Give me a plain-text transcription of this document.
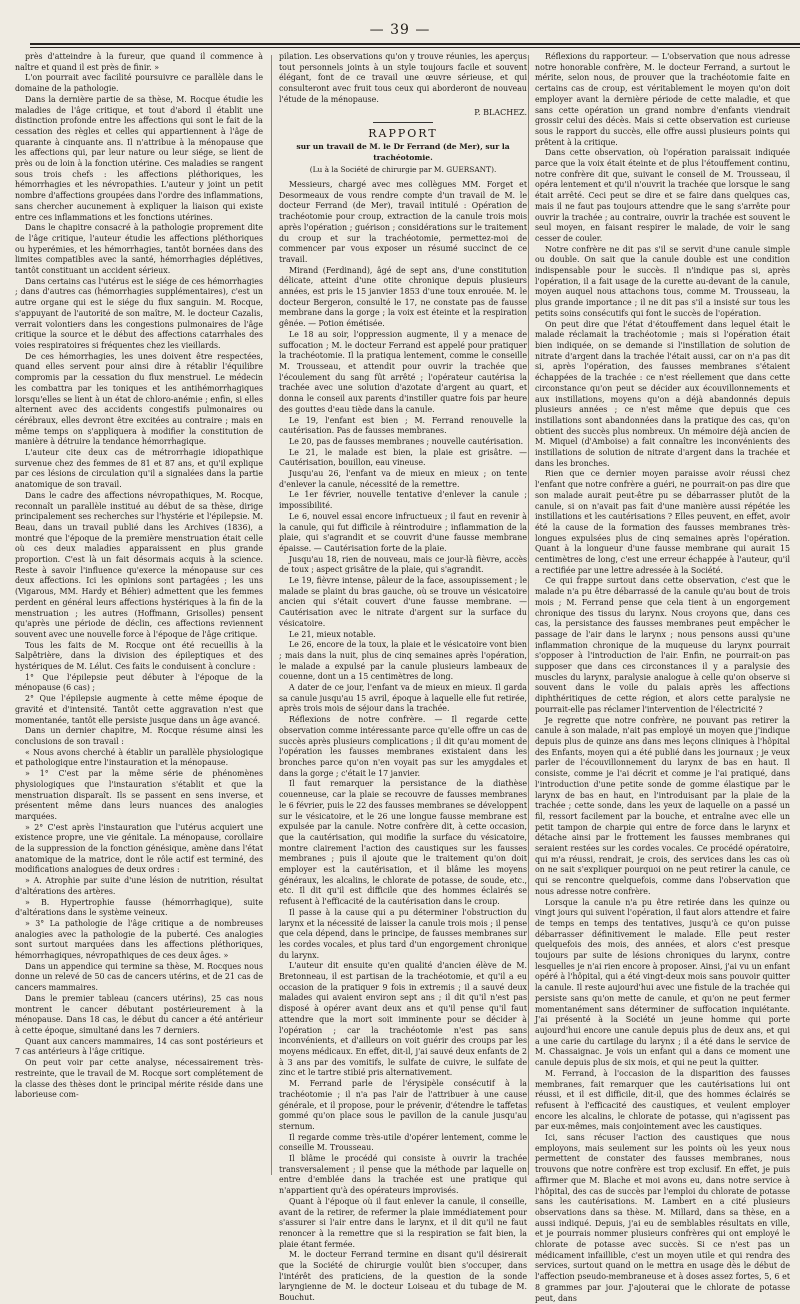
— 39 —

près d'atteindre à la fureur, que quand il commence à naître et quand il est près de finir. »

L'on pourrait avec facilité poursuivre ce parallèle dans le domaine de la pathologie.

Dans la dernière partie de sa thèse, M. Rocque étudie les maladies de l'âge critique, et tout d'abord il établit une distinction profonde entre les affections qui sont le fait de la cessation des règles et celles qui appartiennent à l'âge de quarante à cinquante ans. Il n'attribue à la ménopause que les affections qui, par leur nature ou leur siége, se lient de près ou de loin à la fonction utérine. Ces maladies se rangent sous trois chefs : les affections pléthoriques, les hémorrhagies et les névropathies. L'auteur y joint un petit nombre d'affections groupées dans l'ordre des inflammations, sans chercher aucunement à expliquer la liaison qui existe entre ces inflammations et les fonctions utérines.

Dans le chapitre consacré à la pathologie proprement dite de l'âge critique, l'auteur étudie les affections pléthoriques ou hyperémies, et les hémorrhagies, tantôt bornées dans des limites compatibles avec la santé, hémorrhagies déplétives, tantôt constituant un accident sérieux.

Dans certains cas l'utérus est le siége de ces hémorrhagies ; dans d'autres cas (hémorrhagies supplémentaires), c'est un autre organe qui est le siége du flux sanguin. M. Rocque, s'appuyant de l'autorité de son maître, M. le docteur Cazalis, verrait volontiers dans les congestions pulmonaires de l'âge critique la source et le début des affections catarrhales des voies respiratoires si fréquentes chez les vieillards.

De ces hémorrhagies, les unes doivent être respectées, quand elles servent pour ainsi dire à rétablir l'équilibre compromis par la cessation du flux menstruel. Le médecin les combattra par les toniques et les antihémorrhagiques lorsqu'elles se lient à un état de chloro-anémie ; enfin, si elles alternent avec des accidents congestifs pulmonaires ou cérébraux, elles devront être excitées au contraire ; mais en même temps on s'appliquera à modifier la constitution de manière à détruire la tendance hémorrhagique.

L'auteur cite deux cas de métrorrhagie idiopathique survenue chez des femmes de 81 et 87 ans, et qu'il explique par ces lésions de circulation qu'il a signalées dans la partie anatomique de son travail.

Dans le cadre des affections névropathiques, M. Rocque, reconnaît un parallèle institué au début de sa thèse, dirige principalement ses recherches sur l'hystérie et l'épilepsie. M. Beau, dans un travail publié dans les Archives (1836), a montré que l'époque de la première menstruation était celle où ces deux maladies apparaissent en plus grande proportion. C'est là un fait désormais acquis à la science. Reste à savoir l'influence qu'exerce la ménopause sur ces deux affections. Ici les opinions sont partagées ; les uns (Vigarous, MM. Hardy et Béhier) admettent que les femmes perdent en général leurs affections hystériques à la fin de la menstruation ; les autres (Hoffmann, Grisolles) pensent qu'après une période de déclin, ces affections reviennent souvent avec une nouvelle force à l'époque de l'âge critique.

Tous les faits de M. Rocque ont été recueillis à la Salpêtrière, dans la division des épileptiques et des hystériques de M. Lélut. Ces faits le conduisent à conclure :

1° Que l'épilepsie peut débuter à l'époque de la ménopause (6 cas) ;

2° Que l'épilepsie augmente à cette même époque de gravité et d'intensité. Tantôt cette aggravation n'est que momentanée, tantôt elle persiste jusque dans un âge avancé.

Dans un dernier chapitre, M. Rocque résume ainsi les conclusions de son travail :

« Nous avons cherché à établir un parallèle physiologique et pathologique entre l'instauration et la ménopause.

» 1° C'est par la même série de phénomènes physiologiques que l'instauration s'établit et que la menstruation disparaît. Ils se passent en sens inverse, et présentent même dans leurs nuances des analogies marquées.

» 2° C'est après l'instauration que l'utérus acquiert une existence propre, une vie génitale. La ménopause, corollaire de la suppression de la fonction génésique, amène dans l'état anatomique de la matrice, dont le rôle actif est terminé, des modifications analogues de deux ordres :

» A. Atrophie par suite d'une lésion de nutrition, résultat d'altérations des artères.

» B. Hypertrophie fausse (hémorrhagique), suite d'altérations dans le système veineux.

» 3° La pathologie de l'âge critique a de nombreuses analogies avec la pathologie de la puberté. Ces analogies sont surtout marquées dans les affections pléthoriques, hémorrhagiques, névropathiques de ces deux âges. »

Dans un appendice qui termine sa thèse, M. Rocques nous donne un relevé de 50 cas de cancers utérins, et de 21 cas de cancers mammaires.

Dans le premier tableau (cancers utérins), 25 cas nous montrent le cancer débutant postérieurement à la ménopause. Dans 18 cas, le début du cancer a été antérieur à cette époque, simultané dans les 7 derniers.

Quant aux cancers mammaires, 14 cas sont postérieurs et 7 cas antérieurs à l'âge critique.

On peut voir par cette analyse, nécessairement très-restreinte, que le travail de M. Rocque sort complétement de la classe des thèses dont le principal mérite réside dans une laborieuse com-

pilation. Les observations qu'on y trouve réunies, les aperçus tout personnels joints à un style toujours facile et souvent élégant, font de ce travail une œuvre sérieuse, et qui consulteront avec fruit tous ceux qui aborderont de nouveau l'étude de la ménopause.

P. BLACHEZ.
RAPPORT
sur un travail de M. le Dr Ferrand (de Mer), sur la trachéotomie.
(Lu à la Société de chirurgie par M. GUERSANT).

Messieurs, chargé avec mes collègues MM. Forget et Desormeaux de vous rendre compte d'un travail de M. le docteur Ferrand (de Mer), travail intitulé : Opération de trachéotomie pour croup, extraction de la canule trois mois après l'opération ; guérison ; considérations sur le traitement du croup et sur la trachéotomie, permettez-moi de commencer par vous exposer un résumé succinct de ce travail.

Mirand (Ferdinand), âgé de sept ans, d'une constitution délicate, atteint d'une otite chronique depuis plusieurs années, est pris le 15 janvier 1853 d'une toux enrouée. M. le docteur Bergeron, consulté le 17, ne constate pas de fausse membrane dans la gorge ; la voix est éteinte et la respiration gênée. — Potion émétisée.

Le 18 au soir, l'oppression augmente, il y a menace de suffocation ; M. le docteur Ferrand est appelé pour pratiquer la trachéotomie. Il la pratiqua lentement, comme le conseille M. Trousseau, et attendit pour ouvrir la trachée que l'écoulement du sang fût arrêté ; l'opérateur cautérisa la trachée avec une solution d'azotate d'argent au quart, et donna le conseil aux parents d'instiller quatre fois par heure des gouttes d'eau tiède dans la canule.

Le 19, l'enfant est bien ; M. Ferrand renouvelle la cautérisation. Pas de fausses membranes.

Le 20, pas de fausses membranes ; nouvelle cautérisation.

Le 21, le malade est bien, la plaie est grisâtre. — Cautérisation, bouillon, eau vineuse.

Jusqu'au 26, l'enfant va de mieux en mieux ; on tente d'enlever la canule, nécessité de la remettre.

Le 1er février, nouvelle tentative d'enlever la canule ; impossibilité.

Le 6, nouvel essai encore infructueux ; il faut en revenir à la canule, qui fut difficile à réintroduire ; inflammation de la plaie, qui s'agrandit et se couvrit d'une fausse membrane épaisse. — Cautérisation forte de la plaie.

Jusqu'au 18, rien de nouveau, mais ce jour-là fièvre, accès de toux ; aspect grisâtre de la plaie, qui s'agrandit.

Le 19, fièvre intense, pâleur de la face, assoupissement ; le malade se plaint du bras gauche, où se trouve un vésicatoire ancien qui s'était couvert d'une fausse membrane. — Cautérisation avec le nitrate d'argent sur la surface du vésicatoire.

Le 21, mieux notable.

Le 26, encore de la toux, la plaie et le vésicatoire vont bien ; mais dans la nuit, plus de cinq semaines après l'opération, le malade a expulsé par la canule plusieurs lambeaux de couenne, dont un a 15 centimètres de long.

A dater de ce jour, l'enfant va de mieux en mieux. Il garda sa canule jusqu'au 15 avril, époque à laquelle elle fut retirée, après trois mois de séjour dans la trachée.

Réflexions de notre confrère. — Il regarde cette observation comme intéressante parce qu'elle offre un cas de succès après plusieurs complications ; il dit qu'au moment de l'opération les fausses membranes existaient dans les bronches parce qu'on n'en voyait pas sur les amygdales et dans la gorge ; c'était le 17 janvier.

Il faut remarquer la persistance de la diathèse couenneuse, car la plaie se recouvre de fausses membranes le 6 février, puis le 22 des fausses membranes se développent sur le vésicatoire, et le 26 une longue fausse membrane est expulsée par la canule. Notre confrère dit, à cette occasion, que la cautérisation, qui modifie la surface du vésicatoire, montre clairement l'action des caustiques sur les fausses membranes ; puis il ajoute que le traitement qu'on doit employer est la cautérisation, et il blâme les moyens généraux, les alcalins, le chlorate de potasse, de soude, etc., etc. Il dit qu'il est difficile que des hommes éclairés se refusent à l'efficacité de la cautérisation dans le croup.

Il passe à la cause qui a pu déterminer l'obstruction du larynx et la nécessité de laisser la canule trois mois ; il pense que cela dépend, dans le principe, de fausses membranes sur les cordes vocales, et plus tard d'un engorgement chronique du larynx.

L'auteur dit ensuite qu'en qualité d'ancien élève de M. Bretonneau, il est partisan de la trachéotomie, et qu'il a eu occasion de la pratiquer 9 fois in extremis ; il a sauvé deux malades qui avaient environ sept ans ; il dit qu'il n'est pas disposé à opérer avant deux ans et qu'il pense qu'il faut attendre que la mort soit imminente pour se décider à l'opération ; car la trachéotomie n'est pas sans inconvénients, et d'ailleurs on voit guérir des croups par les moyens médicaux. En effet, dit-il, j'ai sauvé deux enfants de 2 à 3 ans par des vomitifs, le sulfate de cuivre, le sulfate de zinc et le tartre stibié pris alternativement.

M. Ferrand parle de l'érysipèle consécutif à la trachéotomie ; il n'a pas l'air de l'attribuer à une cause générale, et il propose, pour le prévenir, d'étendre le taffetas gommé qu'on place sous le pavillon de la canule jusqu'au sternum.

Il regarde comme très-utile d'opérer lentement, comme le conseille M. Trousseau.

Il blâme le procédé qui consiste à ouvrir la trachée transversalement ; il pense que la méthode par laquelle on entre d'emblée dans la trachée est une pratique qui n'appartient qu'à des opérateurs improvisés.

Quant à l'époque où il faut enlever la canule, il conseille, avant de la retirer, de refermer la plaie immédiatement pour s'assurer si l'air entre dans le larynx, et il dit qu'il ne faut renoncer à la remettre que si la respiration se fait bien, la plaie étant fermée.

M. le docteur Ferrand termine en disant qu'il désirerait que la Société de chirurgie voulût bien s'occuper, dans l'intérêt des praticiens, de la question de la sonde laryngienne de M. le docteur Loiseau et du tubage de M. Bouchut.

Réflexions du rapporteur. — L'observation que nous adresse notre honorable confrère, M. le docteur Ferrand, a surtout le mérite, selon nous, de prouver que la trachéotomie faite en certains cas de croup, est véritablement le moyen qu'on doit employer avant la dernière période de cette maladie, et que sans cette opération un grand nombre d'enfants viendrait grossir celui des décès. Mais si cette observation est curieuse sous le rapport du succès, elle offre aussi plusieurs points qui prêtent à la critique.

Dans cette observation, où l'opération paraissait indiquée parce que la voix était éteinte et de plus l'étouffement continu, notre confrère dit que, suivant le conseil de M. Trousseau, il opéra lentement et qu'il n'ouvrit la trachée que lorsque le sang était arrêté. Ceci peut se dire et se faire dans quelques cas, mais il ne faut pas toujours attendre que le sang s'arrête pour ouvrir la trachée ; au contraire, ouvrir la trachée est souvent le seul moyen, en faisant respirer le malade, de voir le sang cesser de couler.

Notre confrère ne dit pas s'il se servit d'une canule simple ou double. On sait que la canule double est une condition indispensable pour le succès. Il n'indique pas si, après l'opération, il a fait usage de la curette au-devant de la canule, moyen auquel nous attachons tous, comme M. Trousseau, la plus grande importance ; il ne dit pas s'il a insisté sur tous les petits soins consécutifs qui font le succès de l'opération.

On peut dire que l'état d'étouffement dans lequel était le malade réclamait la trachéotomie ; mais si l'opération était bien indiquée, on se demande si l'instillation de solution de nitrate d'argent dans la trachée l'était aussi, car on n'a pas dit si, après l'opération, des fausses membranes s'étaient échappées de la trachée : ce n'est réellement que dans cette circonstance qu'on peut se décider aux écouvillonnements et aux instillations, moyens qu'on a déjà abandonnés depuis plusieurs années ; ce n'est même que depuis que ces instillations sont abandonnées dans la pratique des cas, qu'on obtient des succès plus nombreux. Un mémoire déjà ancien de M. Miquel (d'Amboise) a fait connaître les inconvénients des instillations de solution de nitrate d'argent dans la trachée et dans les bronches.

Rien que ce dernier moyen paraisse avoir réussi chez l'enfant que notre confrère a guéri, ne pourrait-on pas dire que son malade aurait peut-être pu se débarrasser plutôt de la canule, si on n'avait pas fait d'une manière aussi répétée les instillations et les cautérisations ? Elles peuvent, en effet, avoir été la cause de la formation des fausses membranes très-longues expulsées plus de cinq semaines après l'opération. Quant à la longueur d'une fausse membrane qui aurait 15 centimètres de long, c'est une erreur échappée à l'auteur, qu'il a rectifiée par une lettre adressée à la Société.

Ce qui frappe surtout dans cette observation, c'est que le malade n'a pu être débarrassé de la canule qu'au bout de trois mois ; M. Ferrand pense que cela tient à un engorgement chronique des tissus du larynx. Nous croyons que, dans ces cas, la persistance des fausses membranes peut empêcher le passage de l'air dans le larynx ; nous pensons aussi qu'une inflammation chronique de la muqueuse du larynx pourrait s'opposer à l'introduction de l'air. Enfin, ne pourrait-on pas supposer que dans ces circonstances il y a paralysie des muscles du larynx, paralysie analogue à celle qu'on observe si souvent dans le voile du palais après les affections diphthéritiques de cette région, et alors cette paralysie ne pourrait-elle pas réclamer l'intervention de l'électricité ?

Je regrette que notre confrère, ne pouvant pas retirer la canule à son malade, n'ait pas employé un moyen que j'indique depuis plus de quinze ans dans mes leçons cliniques à l'hôpital des Enfants, moyen qui a été publié dans les journaux ; je veux parler de l'écouvillonnement du larynx de bas en haut. Il consiste, comme je l'ai décrit et comme je l'ai pratiqué, dans l'introduction d'une petite sonde de gomme élastique par le larynx de bas en haut, en l'introduisant par la plaie de la trachée ; cette sonde, dans les yeux de laquelle on a passé un fil, ressort facilement par la bouche, et entraîne avec elle un petit tampon de charpie qui entre de force dans le larynx et détache ainsi par le frottement les fausses membranes qui seraient restées sur les cordes vocales. Ce procédé opératoire, qui m'a réussi, rendrait, je crois, des services dans les cas où on ne sait s'expliquer pourquoi on ne peut retirer la canule, ce qui se rencontre quelquefois, comme dans l'observation que nous adresse notre confrère.

Lorsque la canule n'a pu être retirée dans les quinze ou vingt jours qui suivent l'opération, il faut alors attendre et faire de temps en temps des tentatives, jusqu'à ce qu'on puisse débarrasser définitivement le malade. Elle peut rester quelquefois des mois, des années, et alors c'est presque toujours par suite de lésions chroniques du larynx, contre lesquelles je n'ai rien encore à proposer. Ainsi, j'ai vu un enfant opéré à l'hôpital, qui a été vingt-deux mois sans pouvoir quitter la canule. Il reste aujourd'hui avec une fistule de la trachée qui persiste sans qu'on mette de canule, et qu'on ne peut fermer momentanément sans déterminer de suffocation inquiétante. J'ai présenté à la Société un jeune homme qui porte aujourd'hui encore une canule depuis plus de deux ans, et qui a une carie du cartilage du larynx ; il a été dans le service de M. Chassaignac. Je vois un enfant qui a dans ce moment une canule depuis plus de six mois, et qui ne peut la quitter.

M. Ferrand, à l'occasion de la disparition des fausses membranes, fait remarquer que les cautérisations lui ont réussi, et il est difficile, dit-il, que des hommes éclairés se refusent à l'efficacité des caustiques, et veulent employer encore les alcalins, le chlorate de potasse, qui n'agissent pas par eux-mêmes, mais conjointement avec les caustiques.

Ici, sans récuser l'action des caustiques que nous employons, mais seulement sur les points où les yeux nous permettent de constater des fausses membranes, nous trouvons que notre confrère est trop exclusif. En effet, je puis affirmer que M. Blache et moi avons eu, dans notre service à l'hôpital, des cas de succès par l'emploi du chlorate de potasse sans les cautérisations. M. Lambert en a cité plusieurs observations dans sa thèse. M. Millard, dans sa thèse, en a aussi indiqué. Depuis, j'ai eu de semblables résultats en ville, et je pourrais nommer plusieurs confrères qui ont employé le chlorate de potasse avec succès. Si ce n'est pas un médicament infaillible, c'est un moyen utile et qui rendra des services, surtout quand on le mettra en usage dès le début de l'affection pseudo-membraneuse et à doses assez fortes, 5, 6 et 8 grammes par jour. J'ajouterai que le chlorate de potasse peut, dans
